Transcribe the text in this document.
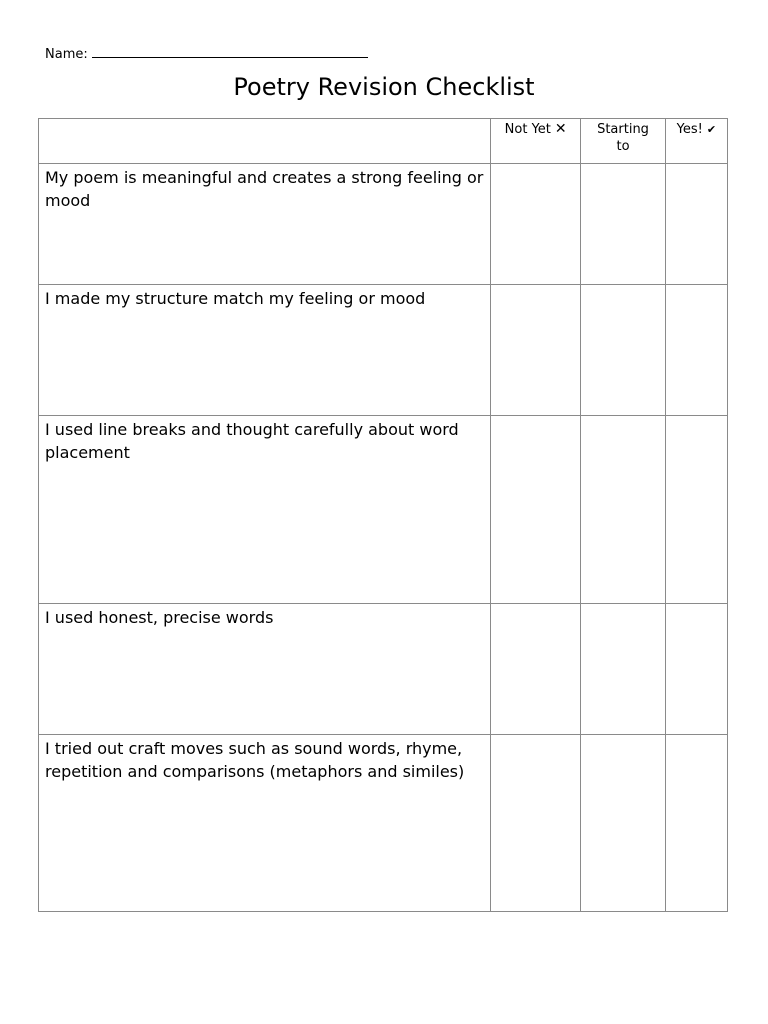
Name:
Poetry Revision Checklist
	Not Yet ✕	Starting to	Yes! ✔
My poem is meaningful and creates a strong feeling or mood			
I made my structure match my feeling or mood			
I used line breaks and thought carefully about word placement			
I used honest, precise words			
I tried out craft moves such as sound words, rhyme, repetition and comparisons (metaphors and similes)			
